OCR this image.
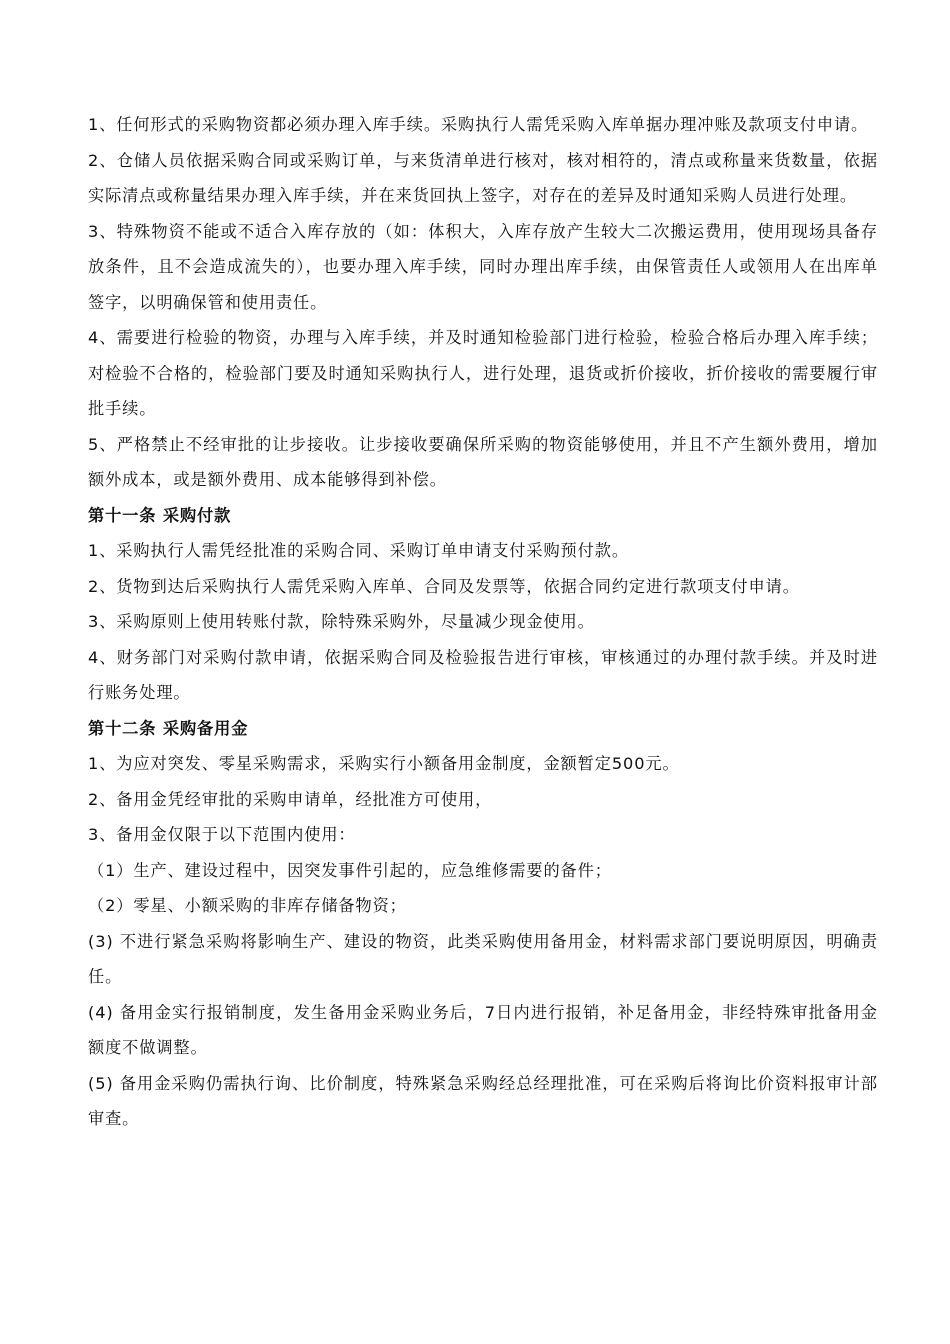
1、任何形式的采购物资都必须办理入库手续。采购执行人需凭采购入库单据办理冲账及款项支付申请。

2、仓储人员依据采购合同或采购订单，与来货清单进行核对，核对相符的，清点或称量来货数量，依据实际清点或称量结果办理入库手续，并在来货回执上签字，对存在的差异及时通知采购人员进行处理。

3、特殊物资不能或不适合入库存放的（如：体积大，入库存放产生较大二次搬运费用，使用现场具备存放条件，且不会造成流失的），也要办理入库手续，同时办理出库手续，由保管责任人或领用人在出库单签字，以明确保管和使用责任。

4、需要进行检验的物资，办理与入库手续，并及时通知检验部门进行检验，检验合格后办理入库手续；对检验不合格的，检验部门要及时通知采购执行人，进行处理，退货或折价接收，折价接收的需要履行审批手续。

5、严格禁止不经审批的让步接收。让步接收要确保所采购的物资能够使用，并且不产生额外费用，增加额外成本，或是额外费用、成本能够得到补偿。

第十一条 采购付款

1、采购执行人需凭经批准的采购合同、采购订单申请支付采购预付款。

2、货物到达后采购执行人需凭采购入库单、合同及发票等，依据合同约定进行款项支付申请。

3、采购原则上使用转账付款，除特殊采购外，尽量减少现金使用。

4、财务部门对采购付款申请，依据采购合同及检验报告进行审核，审核通过的办理付款手续。并及时进行账务处理。

第十二条 采购备用金

1、为应对突发、零星采购需求，采购实行小额备用金制度，金额暂定500元。

2、备用金凭经审批的采购申请单，经批准方可使用，

3、备用金仅限于以下范围内使用：

（1）生产、建设过程中，因突发事件引起的，应急维修需要的备件；

（2）零星、小额采购的非库存储备物资；

(3) 不进行紧急采购将影响生产、建设的物资，此类采购使用备用金，材料需求部门要说明原因，明确责任。

(4) 备用金实行报销制度，发生备用金采购业务后，7日内进行报销，补足备用金，非经特殊审批备用金额度不做调整。

(5) 备用金采购仍需执行询、比价制度，特殊紧急采购经总经理批准，可在采购后将询比价资料报审计部审查。
